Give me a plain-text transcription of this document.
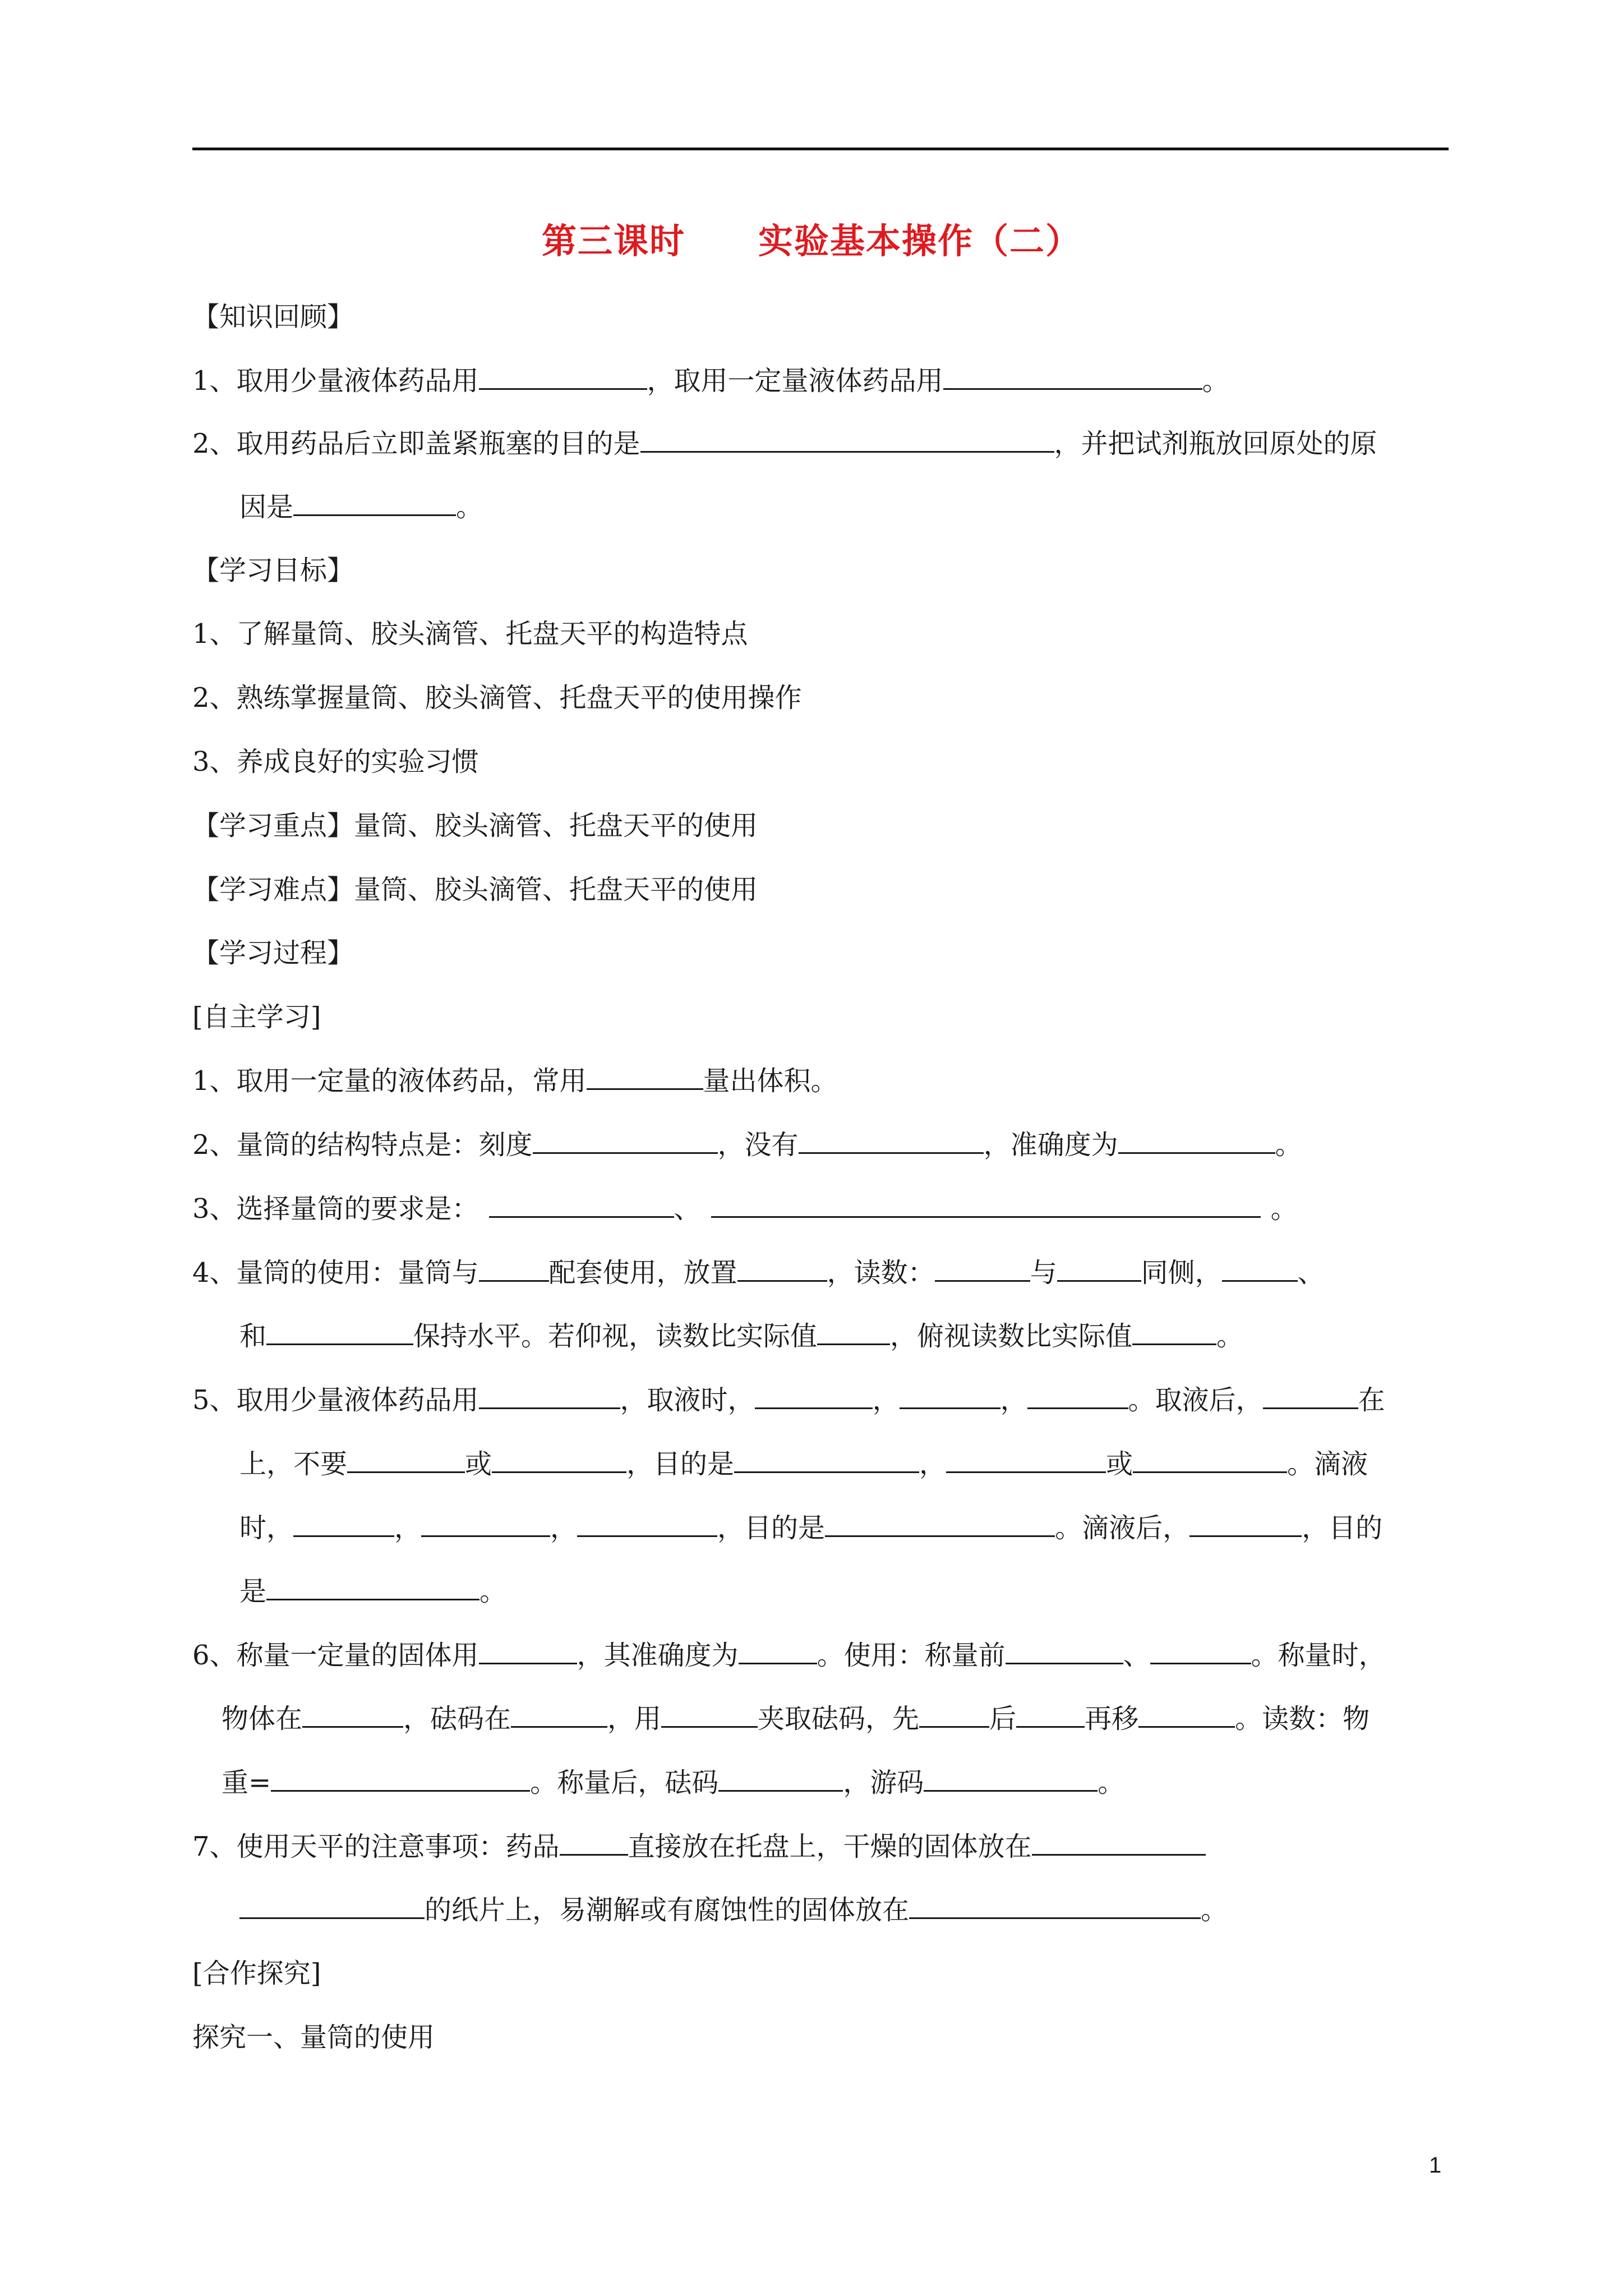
第三课时 实验基本操作（二）
【知识回顾】
1、取用少量液体药品用	，取用一定量液体药品用	。
2、取用药品后立即盖紧瓶塞的目的是	，并把试剂瓶放回原处的原
因是	。
【学习目标】
1、了解量筒、胶头滴管、托盘天平的构造特点
2、熟练掌握量筒、胶头滴管、托盘天平的使用操作
3、养成良好的实验习惯
【学习重点】量筒、胶头滴管、托盘天平的使用
【学习难点】量筒、胶头滴管、托盘天平的使用
【学习过程】
[自主学习]
1、取用一定量的液体药品，常用	量出体积。
2、量筒的结构特点是：刻度	，没有	，准确度为	。
3、选择量筒的要求是：	、	。
4、量筒的使用：量筒与	配套使用，放置	，读数：	与	同侧，	、
和	保持水平。若仰视，读数比实际值	，俯视读数比实际值	。
5、取用少量液体药品用	，取液时，	，	，	。取液后，	在
上，不要	或	，目的是	，	或	。滴液
时，	，	，	，目的是	。滴液后，	，目的
是	。
6、称量一定量的固体用	，其准确度为	。使用：称量前	、	。称量时，
物体在	，砝码在	，用	夹取砝码，先	后	再移	。读数：物
重=	。称量后，砝码	，游码	。
7、使用天平的注意事项：药品	直接放在托盘上，干燥的固体放在
的纸片上，易潮解或有腐蚀性的固体放在	。
[合作探究]
探究一、量筒的使用
1
